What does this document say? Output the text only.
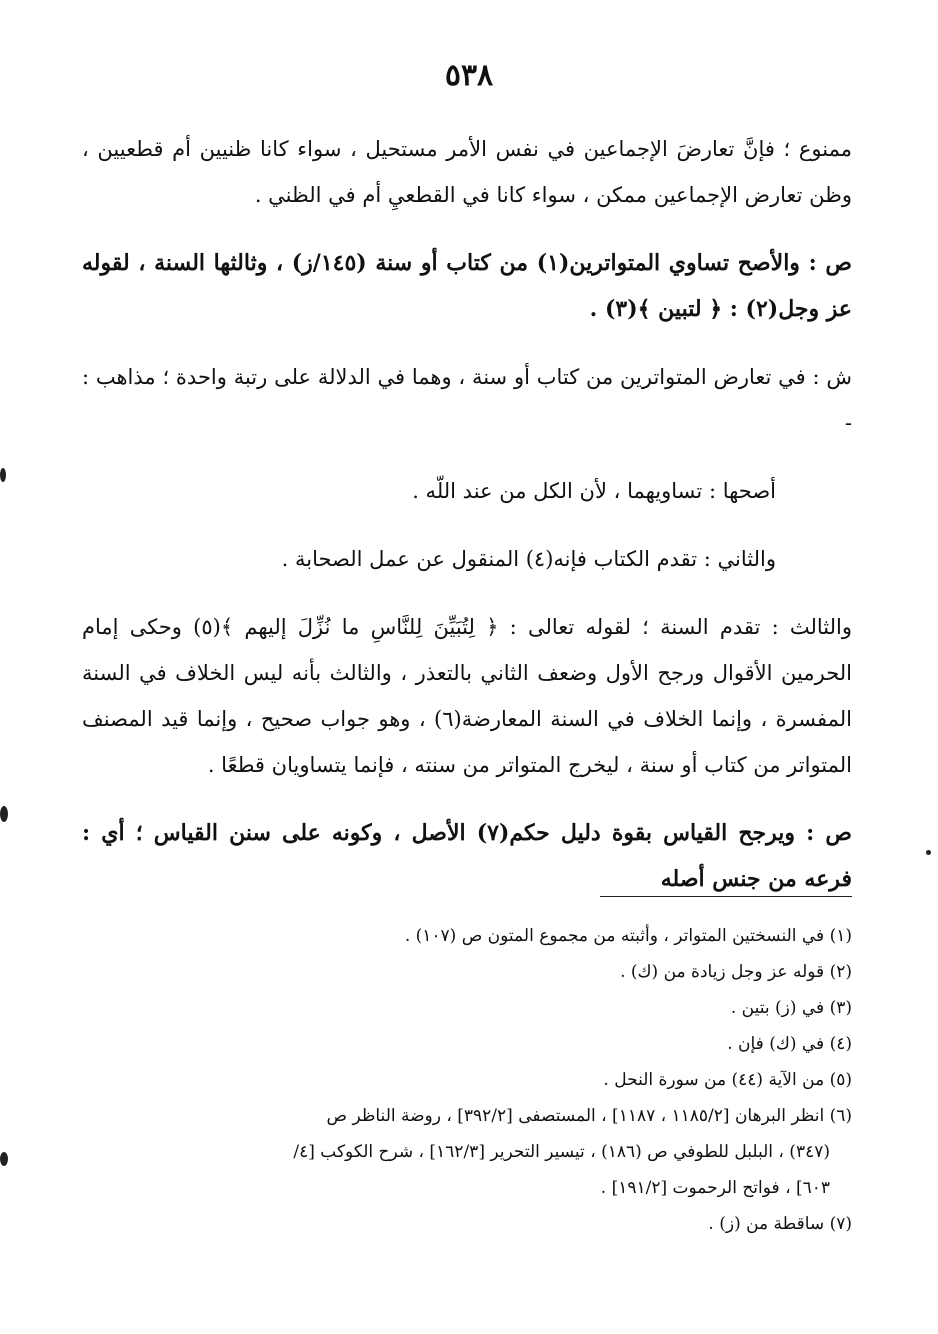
٥٣٨

ممنوع ؛ فإنَّ تعارضَ الإجماعين في نفس الأمر مستحيل ، سواء كانا ظنيين أم قطعيين ، وظن تعارض الإجماعين ممكن ، سواء كانا في القطعيِ أم في الظني .

ص : والأصح تساوي المتواترين(١) من كتاب أو سنة (١٤٥/ز) ، وثالثها السنة ، لقوله عز وجل(٢) : ﴿ لتبين ﴾(٣) .

ش : في تعارض المتواترين من كتاب أو سنة ، وهما في الدلالة على رتبة واحدة ؛ مذاهب : -

أصحها : تساويهما ، لأن الكل من عند اللّه .

والثاني : تقدم الكتاب فإنه(٤) المنقول عن عمل الصحابة .

والثالث : تقدم السنة ؛ لقوله تعالى : ﴿ لِتُبَيِّنَ لِلنَّاسِ ما نُزِّلَ إليهم ﴾(٥) وحكى إمام الحرمين الأقوال ورجح الأول وضعف الثاني بالتعذر ، والثالث بأنه ليس الخلاف في السنة المفسرة ، وإنما الخلاف في السنة المعارضة(٦) ، وهو جواب صحيح ، وإنما قيد المصنف المتواتر من كتاب أو سنة ، ليخرج المتواتر من سنته ، فإنما يتساويان قطعًا .

ص : ويرجح القياس بقوة دليل حكم(٧) الأصل ، وكونه على سنن القياس ؛ أي : فرعه من جنس أصله

(١) في النسختين المتواتر ، وأثبته من مجموع المتون ص (١٠٧) .

(٢) قوله عز وجل زيادة من (ك) .

(٣) في (ز) بتين .

(٤) في (ك) فإن .

(٥) من الآية (٤٤) من سورة النحل .

(٦) انظر البرهان [١١٨٥/٢ ، ١١٨٧] ، المستصفى [٣٩٢/٢] ، روضة الناظر ص

(٣٤٧) ، البلبل للطوفي ص (١٨٦) ، تيسير التحرير [١٦٢/٣] ، شرح الكوكب [٤/

٦٠٣] ، فواتح الرحموت [١٩١/٢] .

(٧) ساقطة من (ز) .
